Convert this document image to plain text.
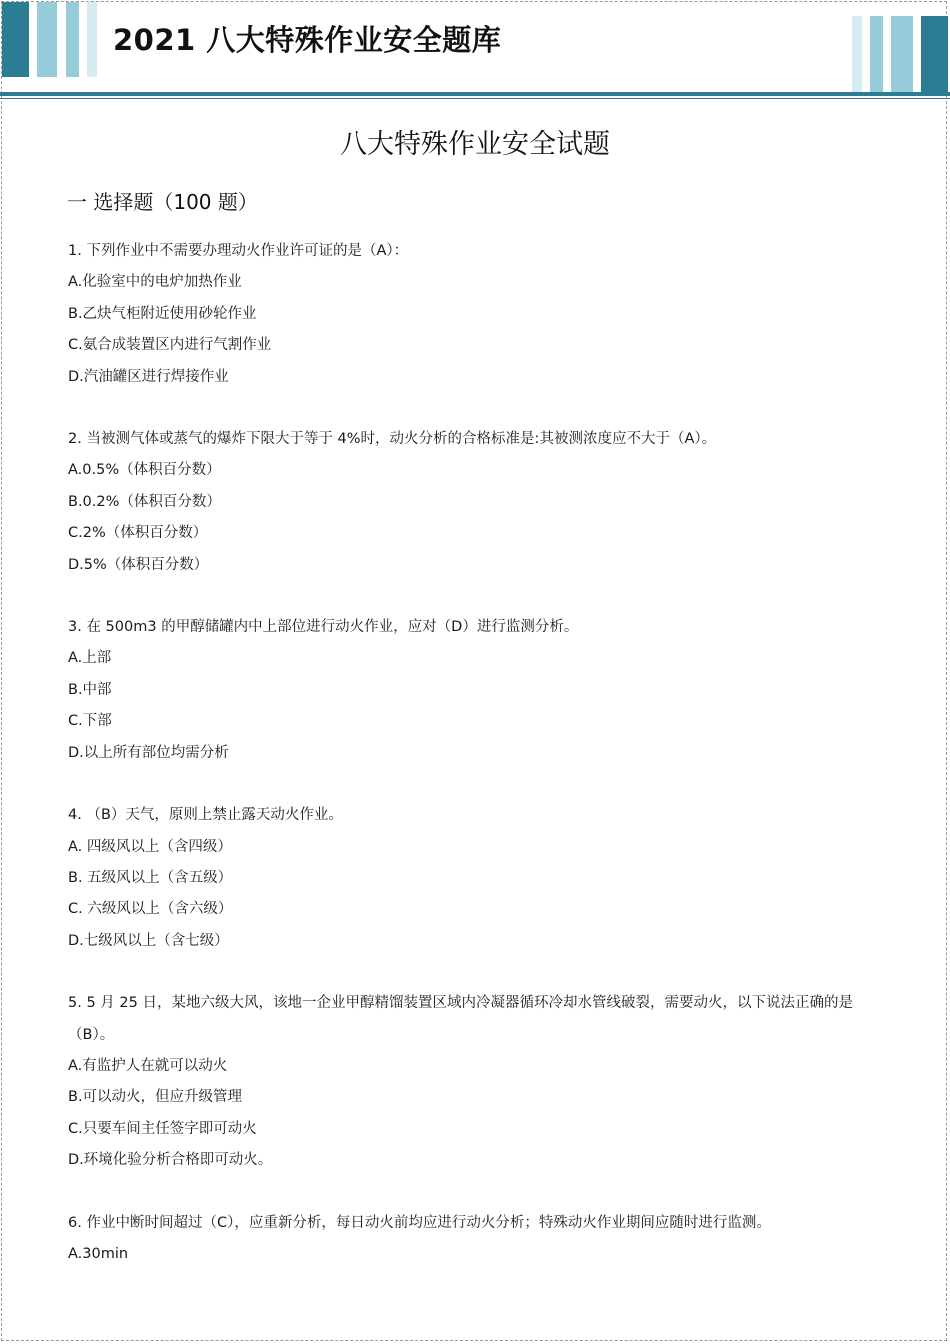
2021 八大特殊作业安全题库
八大特殊作业安全试题
一 选择题（100 题）
1. 下列作业中不需要办理动火作业许可证的是（A）：
A.化验室中的电炉加热作业
B.乙炔气柜附近使用砂轮作业
C.氨合成装置区内进行气割作业
D.汽油罐区进行焊接作业
2. 当被测气体或蒸气的爆炸下限大于等于 4%时，动火分析的合格标准是:其被测浓度应不大于（A）。
A.0.5%（体积百分数）
B.0.2%（体积百分数）
C.2%（体积百分数）
D.5%（体积百分数）
3. 在 500m3 的甲醇储罐内中上部位进行动火作业，应对（D）进行监测分析。
A.上部
B.中部
C.下部
D.以上所有部位均需分析
4. （B）天气，原则上禁止露天动火作业。
A. 四级风以上（含四级）
B. 五级风以上（含五级）
C. 六级风以上（含六级）
D.七级风以上（含七级）
5. 5 月 25 日，某地六级大风，该地一企业甲醇精馏装置区域内冷凝器循环冷却水管线破裂，需要动火，以下说法正确的是（B）。
A.有监护人在就可以动火
B.可以动火，但应升级管理
C.只要车间主任签字即可动火
D.环境化验分析合格即可动火。
6. 作业中断时间超过（C），应重新分析，每日动火前均应进行动火分析；特殊动火作业期间应随时进行监测。
A.30min
